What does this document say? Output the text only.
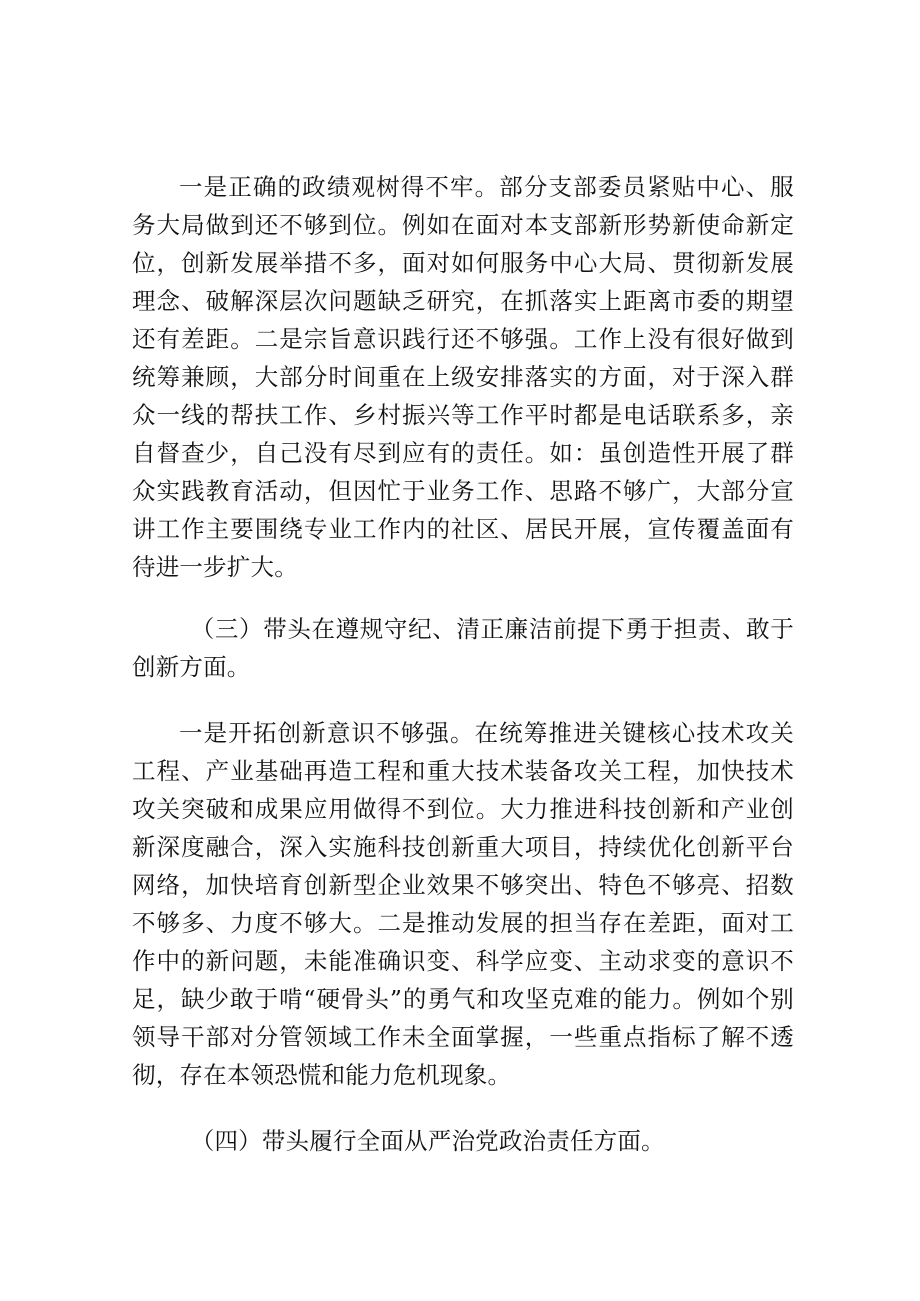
一是正确的政绩观树得不牢。部分支部委员紧贴中心、服务大局做到还不够到位。例如在面对本支部新形势新使命新定位，创新发展举措不多，面对如何服务中心大局、贯彻新发展理念、破解深层次问题缺乏研究，在抓落实上距离市委的期望还有差距。二是宗旨意识践行还不够强。工作上没有很好做到统筹兼顾，大部分时间重在上级安排落实的方面，对于深入群众一线的帮扶工作、乡村振兴等工作平时都是电话联系多，亲自督查少，自己没有尽到应有的责任。如：虽创造性开展了群众实践教育活动，但因忙于业务工作、思路不够广，大部分宣讲工作主要围绕专业工作内的社区、居民开展，宣传覆盖面有待进一步扩大。

（三）带头在遵规守纪、清正廉洁前提下勇于担责、敢于创新方面。

一是开拓创新意识不够强。在统筹推进关键核心技术攻关工程、产业基础再造工程和重大技术装备攻关工程，加快技术攻关突破和成果应用做得不到位。大力推进科技创新和产业创新深度融合，深入实施科技创新重大项目，持续优化创新平台网络，加快培育创新型企业效果不够突出、特色不够亮、招数不够多、力度不够大。二是推动发展的担当存在差距，面对工作中的新问题，未能准确识变、科学应变、主动求变的意识不足，缺少敢于啃“硬骨头”的勇气和攻坚克难的能力。例如个别领导干部对分管领域工作未全面掌握，一些重点指标了解不透彻，存在本领恐慌和能力危机现象。

（四）带头履行全面从严治党政治责任方面。
